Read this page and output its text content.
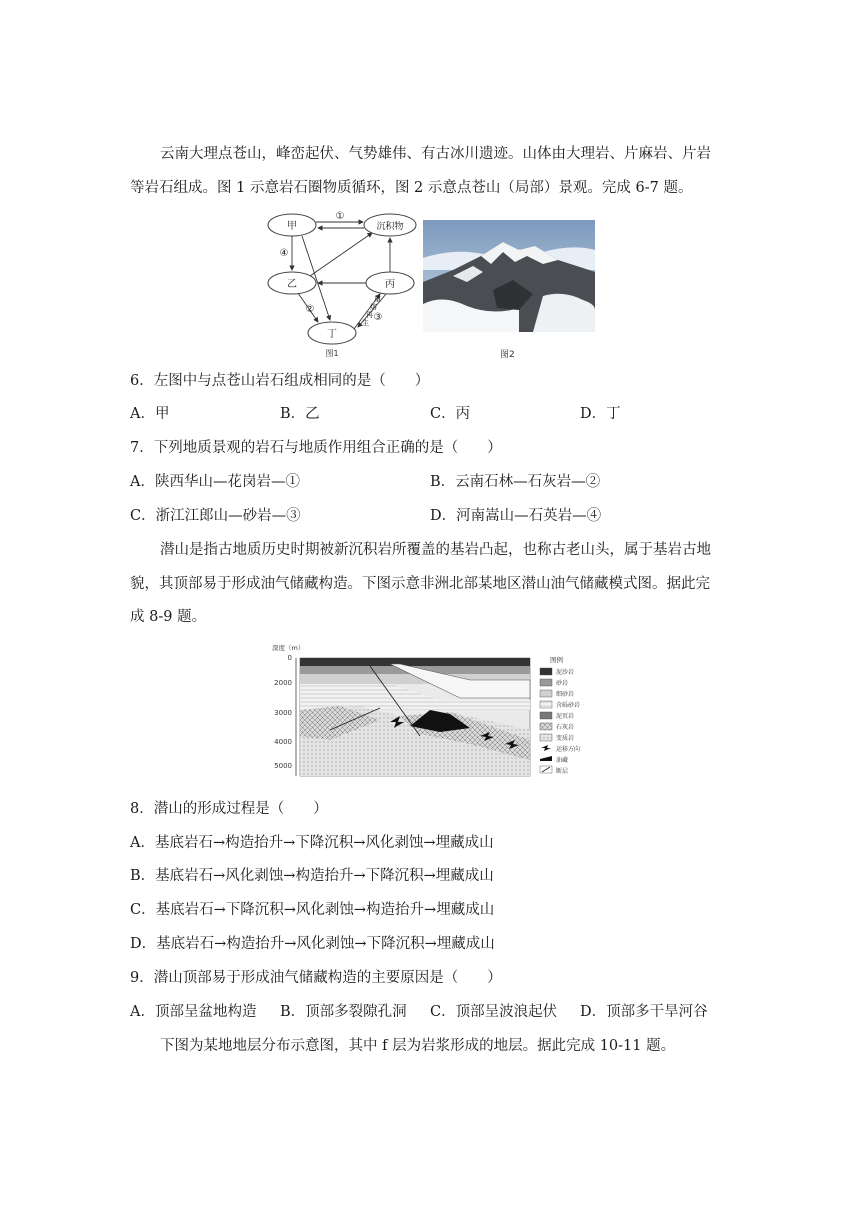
云南大理点苍山，峰峦起伏、气势雄伟、有古冰川遗迹。山体由大理岩、片麻岩、片岩
等岩石组成。图 1 示意岩石圈物质循环，图 2 示意点苍山（局部）景观。完成 6-7 题。
甲	沉积物
乙	丙
丁
①
④
②
③
重
熔
再
生
图1	图2
6．左图中与点苍山岩石组成相同的是（　　）
A．甲	B．乙	C．丙	D．丁
7．下列地质景观的岩石与地质作用组合正确的是（　　）
A．陕西华山—花岗岩—①	B．云南石林—石灰岩—②
C．浙江江郎山—砂岩—③	D．河南嵩山—石英岩—④
潜山是指古地质历史时期被新沉积岩所覆盖的基岩凸起，也称古老山头，属于基岩古地
貌，其顶部易于形成油气储藏构造。下图示意非洲北部某地区潜山油气储藏模式图。据此完
成 8-9 题。
深度（m）
0
2000
3000
4000
5000
图例
泥沙岩
砂岩
细砂岩
含砾砂岩
泥页岩
石灰岩
变质岩
运移方向
油藏
断层
8．潜山的形成过程是（　　）
A．基底岩石→构造抬升→下降沉积→风化剥蚀→埋藏成山
B．基底岩石→风化剥蚀→构造抬升→下降沉积→埋藏成山
C．基底岩石→下降沉积→风化剥蚀→构造抬升→埋藏成山
D．基底岩石→构造抬升→风化剥蚀→下降沉积→埋藏成山
9．潜山顶部易于形成油气储藏构造的主要原因是（　　）
A．顶部呈盆地构造 B．顶部多裂隙孔洞 C．顶部呈波浪起伏 D．顶部多干旱河谷
下图为某地地层分布示意图，其中 f 层为岩浆形成的地层。据此完成 10-11 题。
